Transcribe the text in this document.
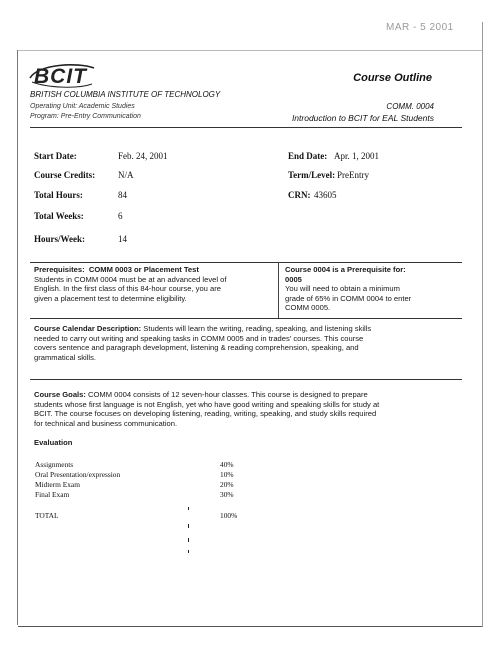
MAR - 5 2001
BCIT
BRITISH COLUMBIA INSTITUTE OF TECHNOLOGY
Operating Unit: Academic Studies
Program: Pre-Entry Communication
Course Outline
COMM. 0004
Introduction to BCIT for EAL Students
Start Date:	Feb. 24, 2001
Course Credits:	N/A
Total Hours:	84
Total Weeks:	6
Hours/Week:	14
End Date: Apr. 1, 2001
Term/Level: PreEntry
CRN: 43605
Prerequisites: COMM 0003 or Placement Test
Students in COMM 0004 must be at an advanced level of
English. In the first class of this 84-hour course, you are
given a placement test to determine eligibility.
Course 0004 is a Prerequisite for:
0005
You will need to obtain a minimum
grade of 65% in COMM 0004 to enter
COMM 0005.
Course Calendar Description: Students will learn the writing, reading, speaking, and listening skills
needed to carry out writing and speaking tasks in COMM 0005 and in trades' courses. This course
covers sentence and paragraph development, listening & reading comprehension, speaking, and
grammatical skills.
Course Goals: COMM 0004 consists of 12 seven-hour classes. This course is designed to prepare
students whose first language is not English, yet who have good writing and speaking skills for study at
BCIT. The course focuses on developing listening, reading, writing, speaking, and study skills required
for technical and business communication.
Evaluation
Assignments	40%
Oral Presentation/expression	10%
Midterm Exam	20%
Final Exam	30%
TOTAL	100%
